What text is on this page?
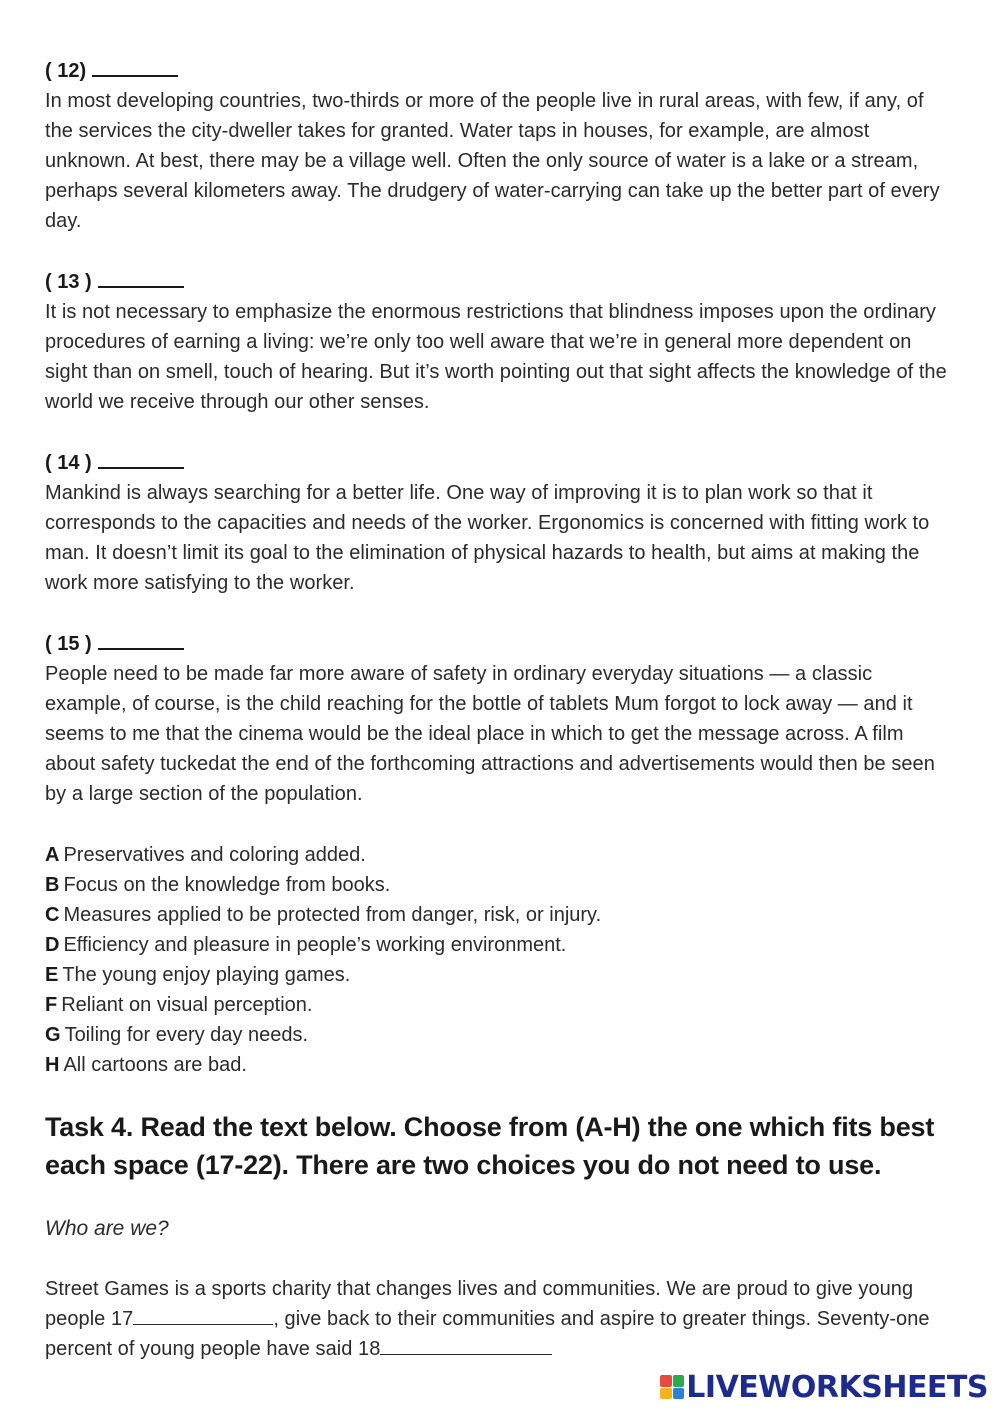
( 12)

In most developing countries, two-thirds or more of the people live in rural areas, with few, if any, of the services the city-dweller takes for granted. Water taps in houses, for example, are almost unknown. At best, there may be a village well. Often the only source of water is a lake or a stream, perhaps several kilometers away. The drudgery of water-carrying can take up the better part of every day.

( 13 )

It is not necessary to emphasize the enormous restrictions that blindness imposes upon the ordinary procedures of earning a living: we’re only too well aware that we’re in general more dependent on sight than on smell, touch of hearing. But it’s worth pointing out that sight affects the knowledge of the world we receive through our other senses.

( 14 )

Mankind is always searching for a better life. One way of improving it is to plan work so that it corresponds to the capacities and needs of the worker. Ergonomics is concerned with fitting work to man. It doesn’t limit its goal to the elimination of physical hazards to health, but aims at making the work more satisfying to the worker.

( 15 )

People need to be made far more aware of safety in ordinary everyday situations — a classic example, of course, is the child reaching for the bottle of tablets Mum forgot to lock away — and it seems to me that the cinema would be the ideal place in which to get the message across. A film about safety tuckedat the end of the forthcoming attractions and advertisements would then be seen by a large section of the population.

A Preservatives and coloring added.
B Focus on the knowledge from books.
C Measures applied to be protected from danger, risk, or injury.
D Efficiency and pleasure in people’s working environment.
E The young enjoy playing games.
F Reliant on visual perception.
G Toiling for every day needs.
H All cartoons are bad.
Task 4. Read the text below. Choose from (A-H) the one which fits best each space (17-22). There are two choices you do not need to use.
Who are we?

Street Games is a sports charity that changes lives and communities. We are proud to give young people 17	, give back to their communities and aspire to greater things. Seventy-one percent of young people have said 18

LIVEWORKSHEETS
